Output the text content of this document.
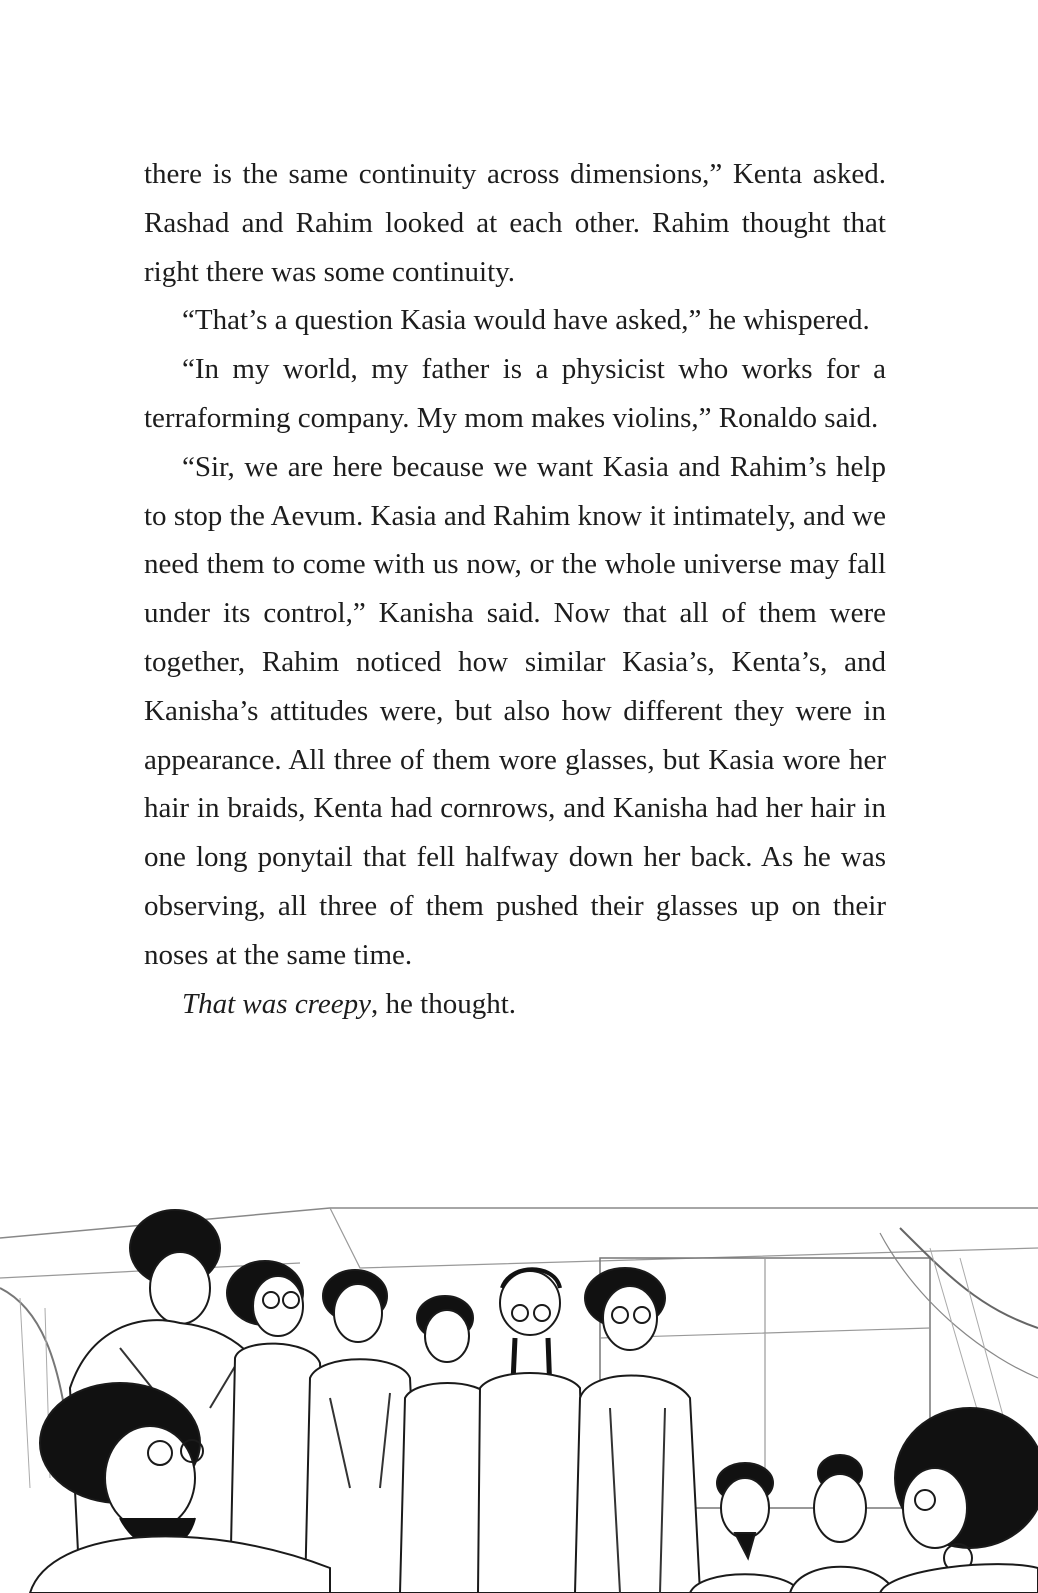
there is the same continuity across dimensions,” Kenta asked. Rashad and Rahim looked at each other. Rahim thought that right there was some continuity.

“That’s a question Kasia would have asked,” he whispered.

“In my world, my father is a physicist who works for a terraforming company. My mom makes violins,” Ronaldo said.

“Sir, we are here because we want Kasia and Rahim’s help to stop the Aevum. Kasia and Rahim know it intimately, and we need them to come with us now, or the whole universe may fall under its control,” Kanisha said. Now that all of them were together, Rahim noticed how similar Kasia’s, Kenta’s, and Kanisha’s attitudes were, but also how different they were in appearance. All three of them wore glasses, but Kasia wore her hair in braids, Kenta had cornrows, and Kanisha had her hair in one long ponytail that fell halfway down her back. As he was observing, all three of them pushed their glasses up on their noses at the same time.

That was creepy, he thought.
